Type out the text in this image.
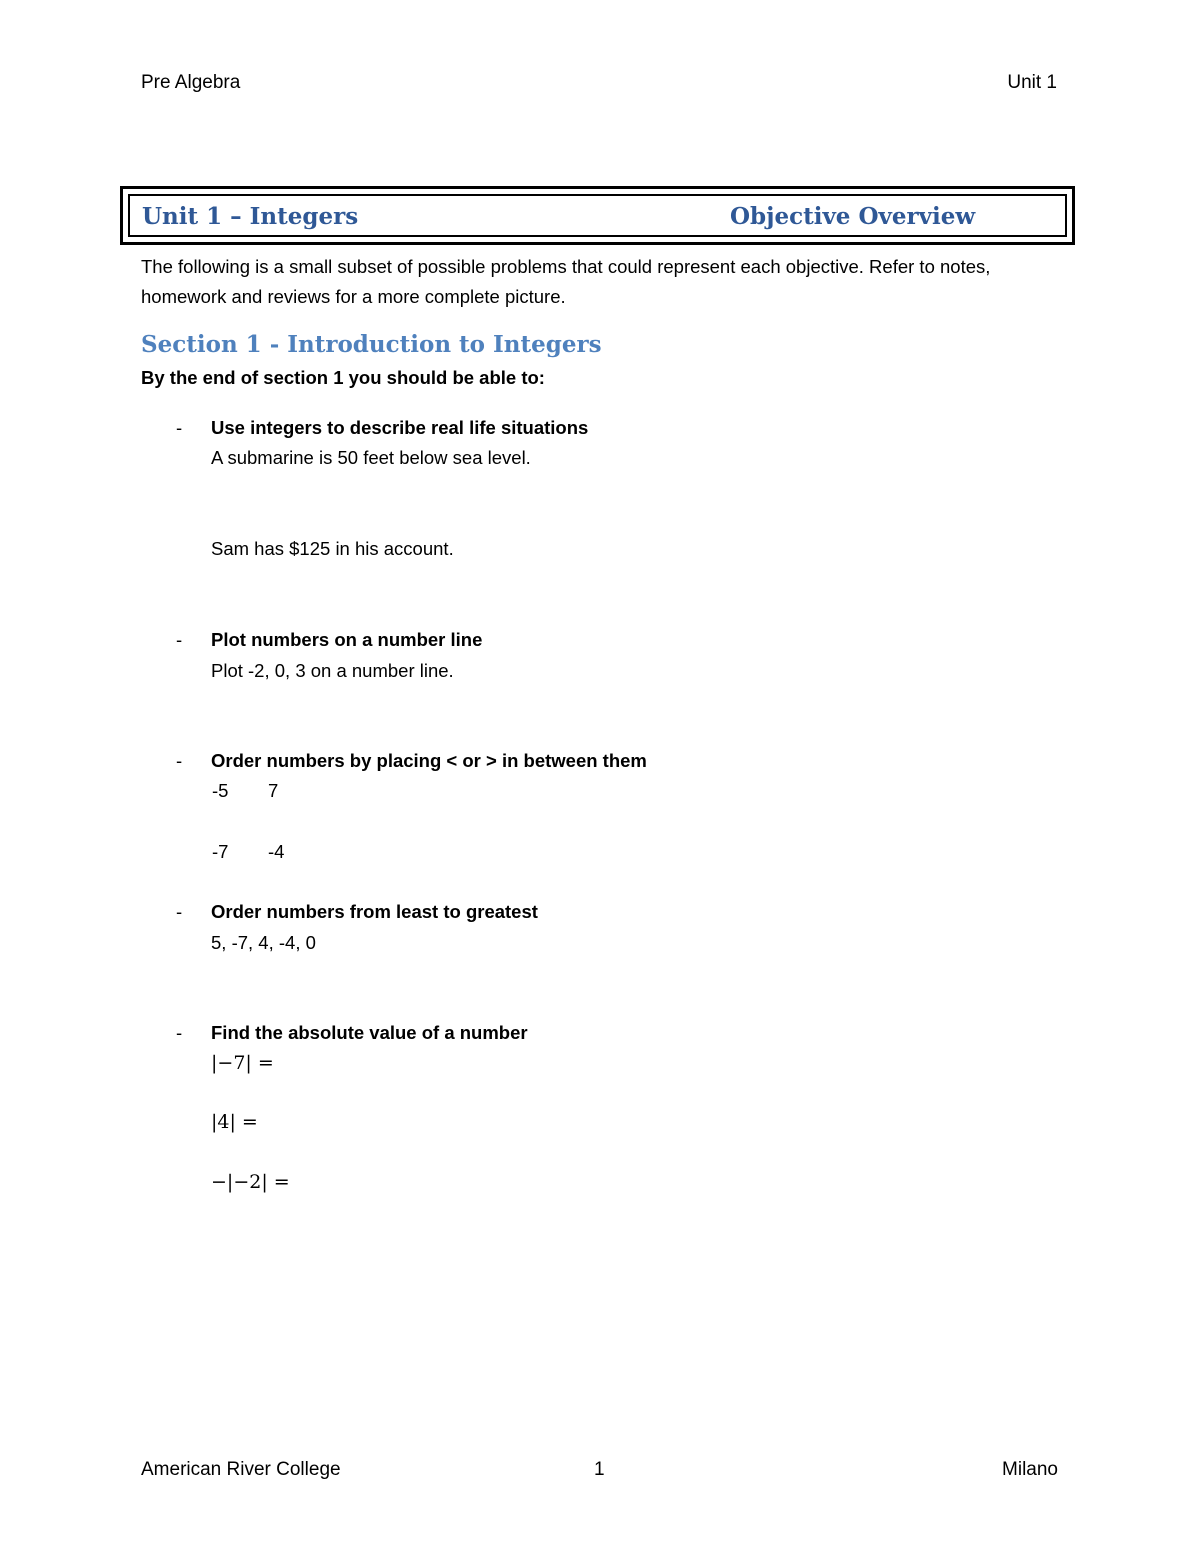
Pre Algebra	Unit 1
Unit 1 – Integers	Objective Overview
The following is a small subset of possible problems that could represent each objective. Refer to notes, homework and reviews for a more complete picture.
Section 1 - Introduction to Integers
By the end of section 1 you should be able to:
- Use integers to describe real life situations
A submarine is 50 feet below sea level.
Sam has $125 in his account.
- Plot numbers on a number line
Plot -2, 0, 3 on a number line.
- Order numbers by placing < or > in between them
-5 7
-7 -4
- Order numbers from least to greatest
5, -7, 4, -4, 0
- Find the absolute value of a number
|−7| =
|4| =
−|−2| =
American River College	1	Milano
